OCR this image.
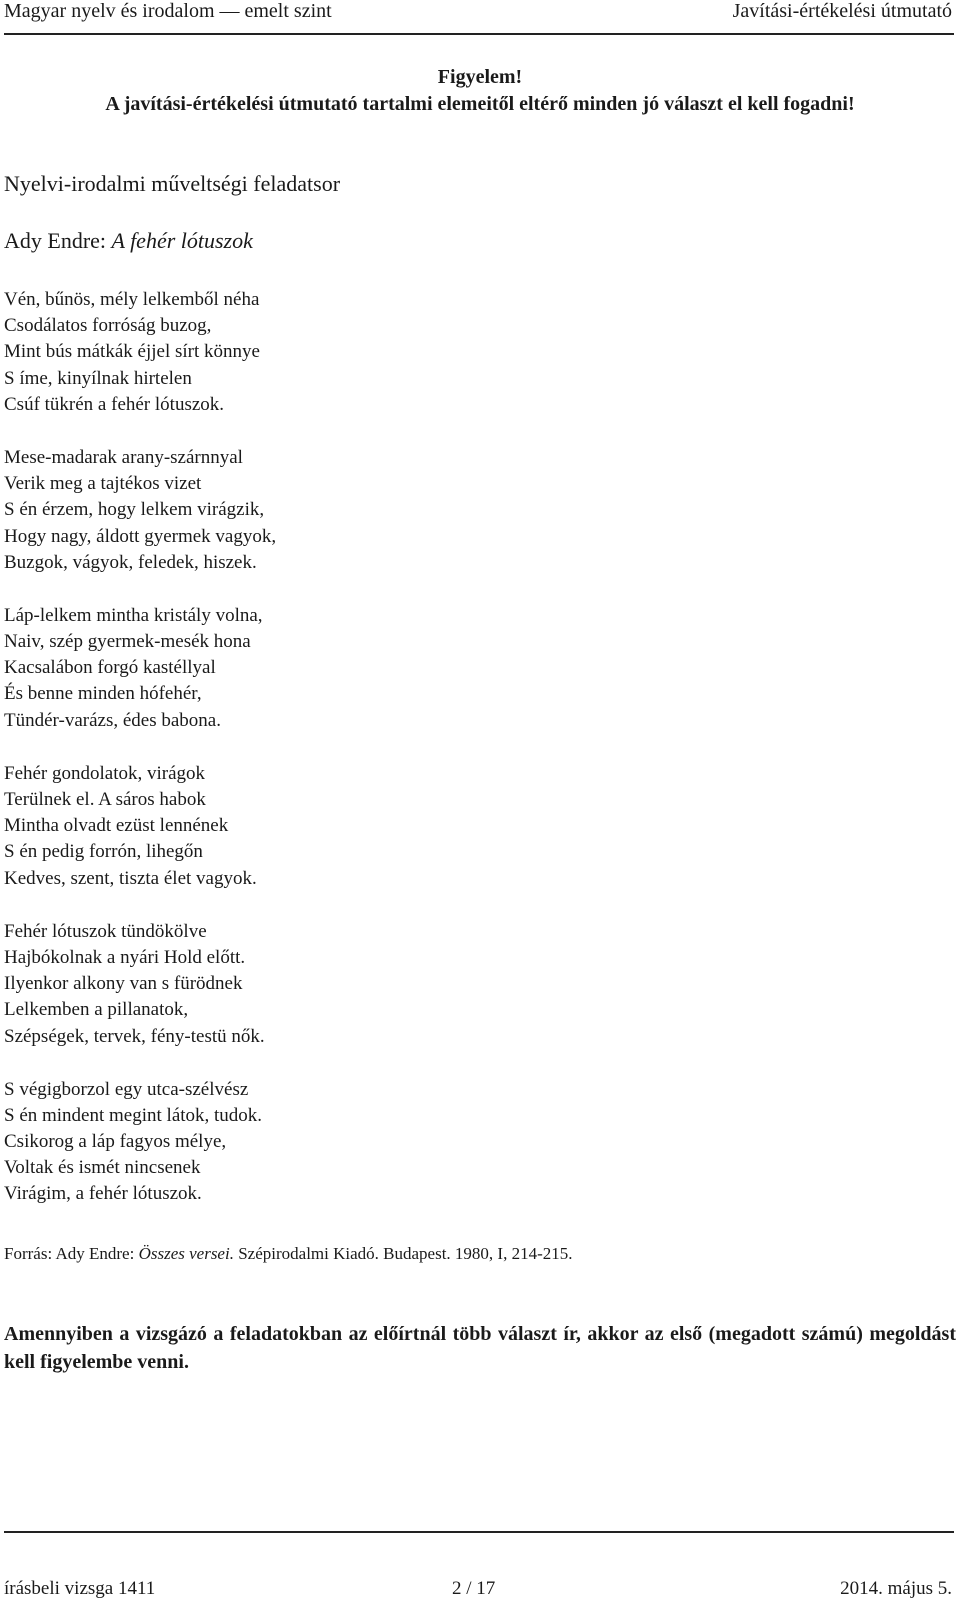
Magyar nyelv és irodalom — emelt szint	Javítási-értékelési útmutató
Figyelem!
A javítási-értékelési útmutató tartalmi elemeitől eltérő minden jó választ el kell fogadni!
Nyelvi-irodalmi műveltségi feladatsor
Ady Endre: A fehér lótuszok
Vén, bűnös, mély lelkemből néha
Csodálatos forróság buzog,
Mint bús mátkák éjjel sírt könnye
S íme, kinyílnak hirtelen
Csúf tükrén a fehér lótuszok.
Mese-madarak arany-szárnnyal
Verik meg a tajtékos vizet
S én érzem, hogy lelkem virágzik,
Hogy nagy, áldott gyermek vagyok,
Buzgok, vágyok, feledek, hiszek.
Láp-lelkem mintha kristály volna,
Naiv, szép gyermek-mesék hona
Kacsalábon forgó kastéllyal
És benne minden hófehér,
Tündér-varázs, édes babona.
Fehér gondolatok, virágok
Terülnek el. A sáros habok
Mintha olvadt ezüst lennének
S én pedig forrón, lihegőn
Kedves, szent, tiszta élet vagyok.
Fehér lótuszok tündökölve
Hajbókolnak a nyári Hold előtt.
Ilyenkor alkony van s fürödnek
Lelkemben a pillanatok,
Szépségek, tervek, fény-testü nők.
S végigborzol egy utca-szélvész
S én mindent megint látok, tudok.
Csikorog a láp fagyos mélye,
Voltak és ismét nincsenek
Virágim, a fehér lótuszok.
Forrás: Ady Endre: Összes versei. Szépirodalmi Kiadó. Budapest. 1980, I, 214-215.
Amennyiben a vizsgázó a feladatokban az előírtnál több választ ír, akkor az első (megadott számú) megoldást kell figyelembe venni.
írásbeli vizsga 1411	2 / 17	2014. május 5.
